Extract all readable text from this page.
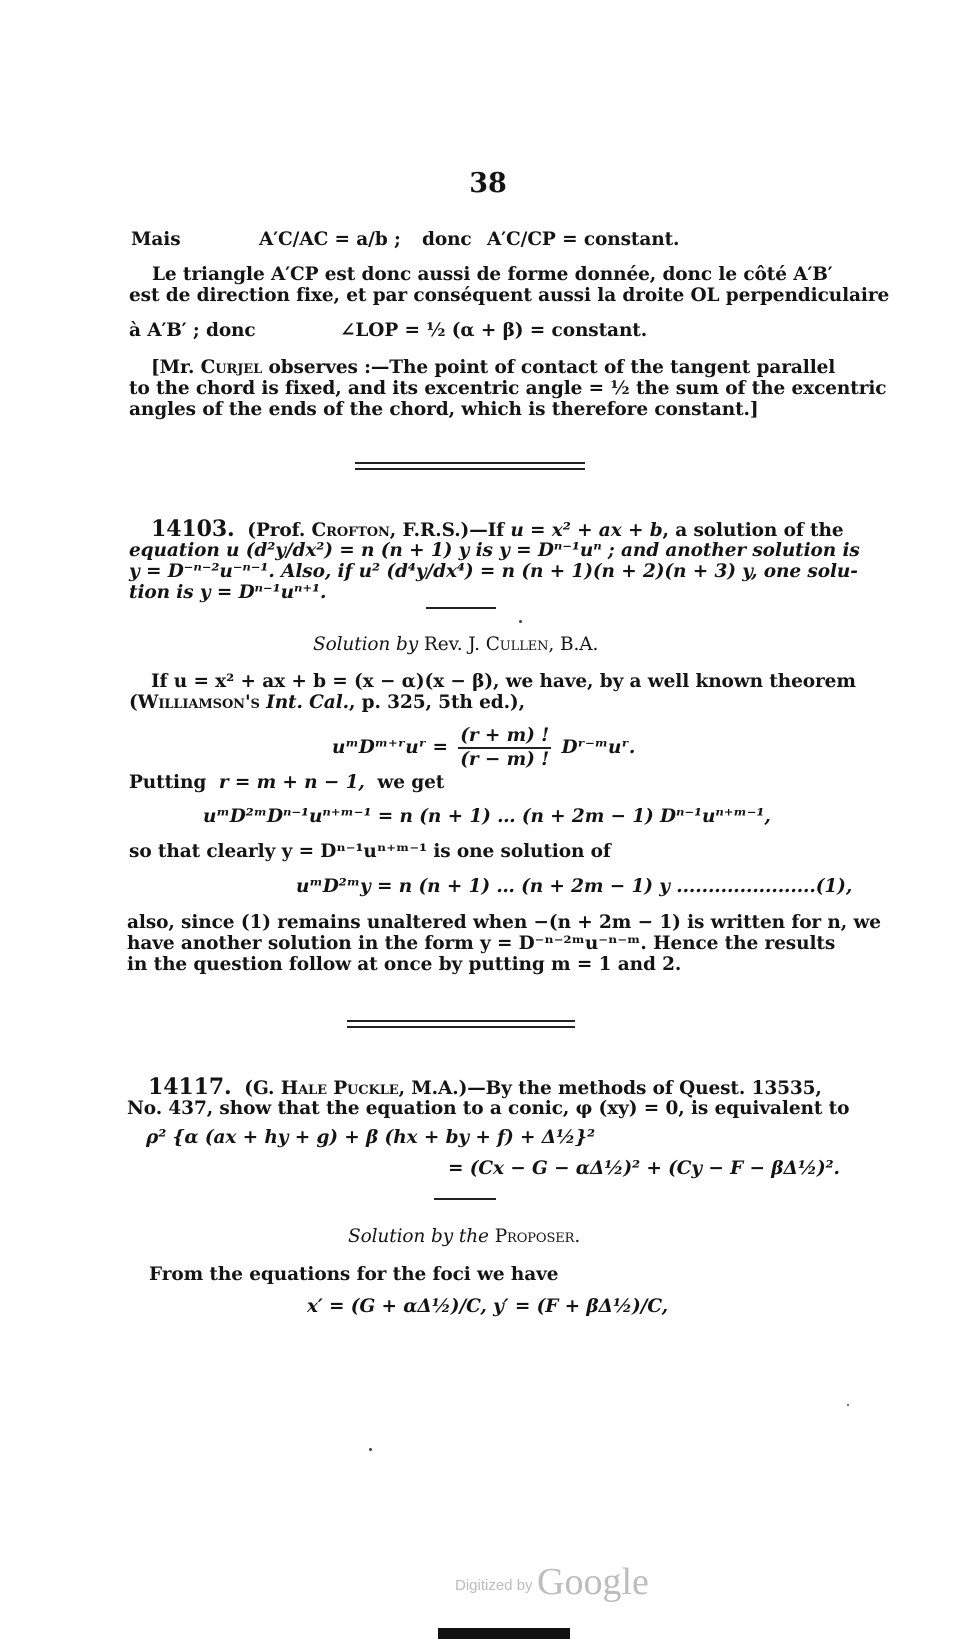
38
Mais	A′C/AC = a/b ; donc A′C/CP = constant.
Le triangle A′CP est donc aussi de forme donnée, donc le côté A′B′
est de direction fixe, et par conséquent aussi la droite OL perpendiculaire
à A′B′ ; donc	∠LOP = ½ (α + β) = constant.
[Mr. Curjel observes :—The point of contact of the tangent parallel
to the chord is fixed, and its excentric angle = ½ the sum of the excentric
angles of the ends of the chord, which is therefore constant.]
14103. (Prof. Crofton, F.R.S.)—If u = x² + ax + b, a solution of the
equation u (d²y/dx²) = n (n + 1) y is y = Dⁿ⁻¹uⁿ ; and another solution is
y = D⁻ⁿ⁻²u⁻ⁿ⁻¹. Also, if u² (d⁴y/dx⁴) = n (n + 1)(n + 2)(n + 3) y, one solu-
tion is y = Dⁿ⁻¹uⁿ⁺¹.
Solution by Rev. J. Cullen, B.A.
If u = x² + ax + b = (x − α)(x − β), we have, by a well known theorem
(Williamson's Int. Cal., p. 325, 5th ed.),
uᵐDᵐ⁺ʳuʳ = $\frac{(r + m) !}{(r - m) !}$ Dʳ⁻ᵐuʳ.
Putting r = m + n − 1, we get
uᵐD²ᵐDⁿ⁻¹uⁿ⁺ᵐ⁻¹ = n (n + 1) … (n + 2m − 1) Dⁿ⁻¹uⁿ⁺ᵐ⁻¹,
so that clearly y = Dⁿ⁻¹uⁿ⁺ᵐ⁻¹ is one solution of
uᵐD²ᵐy = n (n + 1) … (n + 2m − 1) y ......................(1),
also, since (1) remains unaltered when −(n + 2m − 1) is written for n, we
have another solution in the form y = D⁻ⁿ⁻²ᵐu⁻ⁿ⁻ᵐ. Hence the results
in the question follow at once by putting m = 1 and 2.
14117. (G. Hale Puckle, M.A.)—By the methods of Quest. 13535,
No. 437, show that the equation to a conic, φ (xy) = 0, is equivalent to
ρ² {α (ax + hy + g) + β (hx + by + f) + Δ½}²
= (Cx − G − αΔ½)² + (Cy − F − βΔ½)².
Solution by the Proposer.
From the equations for the foci we have
x′ = (G + αΔ½)/C, y′ = (F + βΔ½)/C,
Digitized by Google
